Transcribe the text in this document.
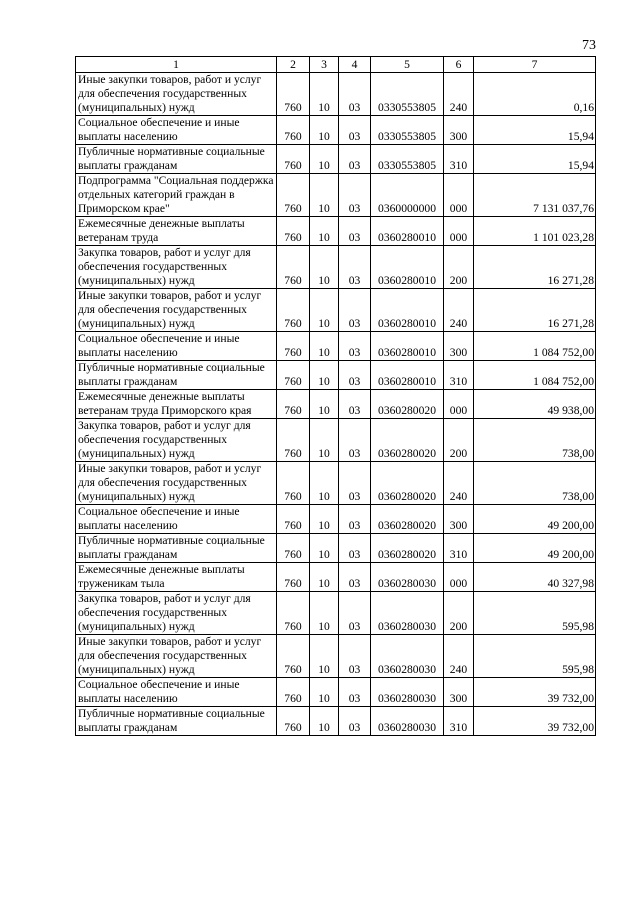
73
1	2	3	4	5	6	7
Иные закупки товаров, работ и услуг для обеспечения государственных (муниципальных) нужд	760	10	03	0330553805	240	0,16
Социальное обеспечение и иные выплаты населению	760	10	03	0330553805	300	15,94
Публичные нормативные социальные выплаты гражданам	760	10	03	0330553805	310	15,94
Подпрограмма "Социальная поддержка отдельных категорий граждан в Приморском крае"	760	10	03	0360000000	000	7 131 037,76
Ежемесячные денежные выплаты ветеранам труда	760	10	03	0360280010	000	1 101 023,28
Закупка товаров, работ и услуг для обеспечения государственных (муниципальных) нужд	760	10	03	0360280010	200	16 271,28
Иные закупки товаров, работ и услуг для обеспечения государственных (муниципальных) нужд	760	10	03	0360280010	240	16 271,28
Социальное обеспечение и иные выплаты населению	760	10	03	0360280010	300	1 084 752,00
Публичные нормативные социальные выплаты гражданам	760	10	03	0360280010	310	1 084 752,00
Ежемесячные денежные выплаты ветеранам труда Приморского края	760	10	03	0360280020	000	49 938,00
Закупка товаров, работ и услуг для обеспечения государственных (муниципальных) нужд	760	10	03	0360280020	200	738,00
Иные закупки товаров, работ и услуг для обеспечения государственных (муниципальных) нужд	760	10	03	0360280020	240	738,00
Социальное обеспечение и иные выплаты населению	760	10	03	0360280020	300	49 200,00
Публичные нормативные социальные выплаты гражданам	760	10	03	0360280020	310	49 200,00
Ежемесячные денежные выплаты труженикам тыла	760	10	03	0360280030	000	40 327,98
Закупка товаров, работ и услуг для обеспечения государственных (муниципальных) нужд	760	10	03	0360280030	200	595,98
Иные закупки товаров, работ и услуг для обеспечения государственных (муниципальных) нужд	760	10	03	0360280030	240	595,98
Социальное обеспечение и иные выплаты населению	760	10	03	0360280030	300	39 732,00
Публичные нормативные социальные выплаты гражданам	760	10	03	0360280030	310	39 732,00
